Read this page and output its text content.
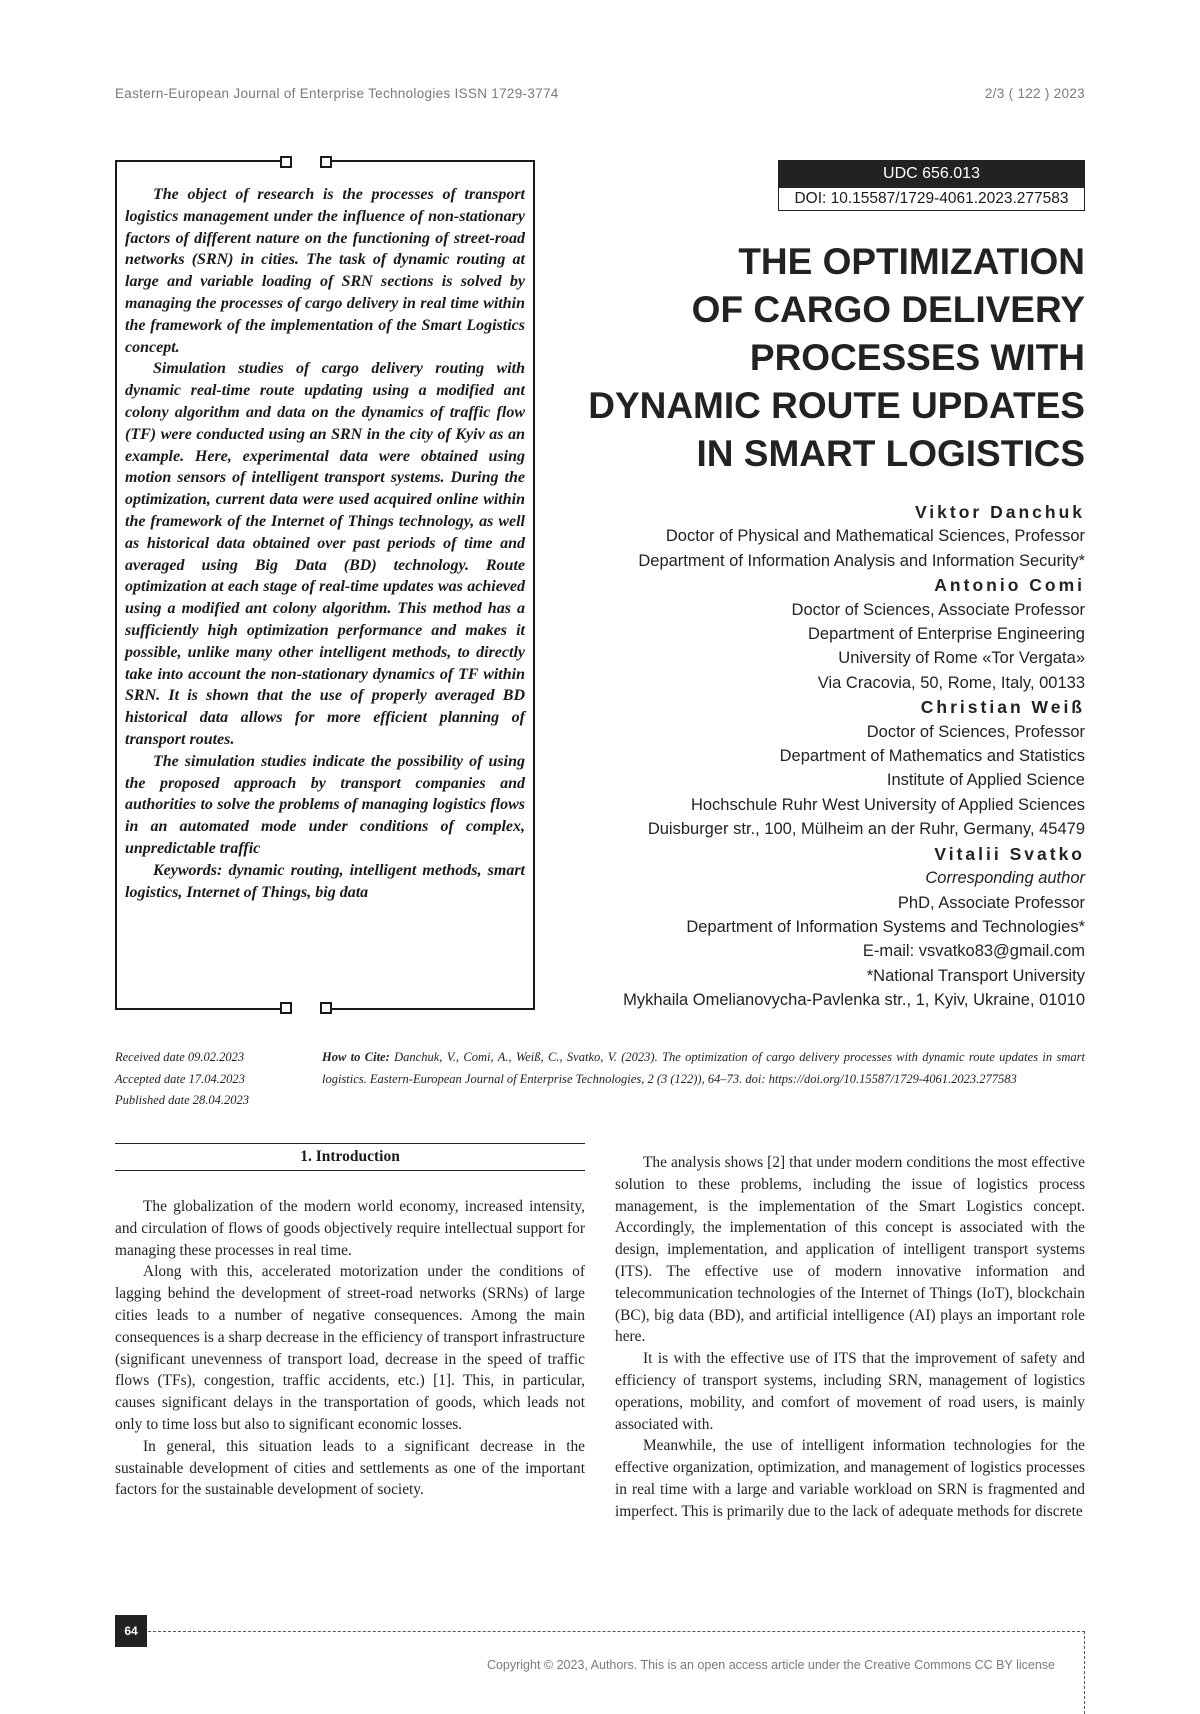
Eastern-European Journal of Enterprise Technologies ISSN 1729-3774	2/3 ( 122 ) 2023

The object of research is the processes of transport logistics management under the influence of non-stationary factors of different nature on the functioning of street-road networks (SRN) in cities. The task of dynamic routing at large and variable loading of SRN sections is solved by managing the processes of cargo delivery in real time within the framework of the implementation of the Smart Logistics concept.

Simulation studies of cargo delivery routing with dynamic real-time route updating using a modified ant colony algorithm and data on the dynamics of traffic flow (TF) were conducted using an SRN in the city of Kyiv as an example. Here, experimental data were obtained using motion sensors of intelligent transport systems. During the optimization, current data were used acquired online within the framework of the Internet of Things technology, as well as historical data obtained over past periods of time and averaged using Big Data (BD) technology. Route optimization at each stage of real-time updates was achieved using a modified ant colony algorithm. This method has a sufficiently high optimization performance and makes it possible, unlike many other intelligent methods, to directly take into account the non-stationary dynamics of TF within SRN. It is shown that the use of properly averaged BD historical data allows for more efficient planning of transport routes.

The simulation studies indicate the possibility of using the proposed approach by transport companies and authorities to solve the problems of managing logistics flows in an automated mode under conditions of complex, unpredictable traffic

Keywords: dynamic routing, intelligent methods, smart logistics, Internet of Things, big data

UDC 656.013
DOI: 10.15587/1729-4061.2023.277583
THE OPTIMIZATION
OF CARGO DELIVERY
PROCESSES WITH
DYNAMIC ROUTE UPDATES
IN SMART LOGISTICS
Viktor Danchuk
Doctor of Physical and Mathematical Sciences, Professor
Department of Information Analysis and Information Security*
Antonio Comi
Doctor of Sciences, Associate Professor
Department of Enterprise Engineering
University of Rome «Tor Vergata»
Via Cracovia, 50, Rome, Italy, 00133
Christian Weiß
Doctor of Sciences, Professor
Department of Mathematics and Statistics
Institute of Applied Science
Hochschule Ruhr West University of Applied Sciences
Duisburger str., 100, Mülheim an der Ruhr, Germany, 45479
Vitalii Svatko
Corresponding author
PhD, Associate Professor
Department of Information Systems and Technologies*
E-mail: vsvatko83@gmail.com
*National Transport University
Mykhaila Omelianovycha-Pavlenka str., 1, Kyiv, Ukraine, 01010
Received date 09.02.2023
Accepted date 17.04.2023
Published date 28.04.2023
How to Cite: Danchuk, V., Comi, A., Weiß, C., Svatko, V. (2023). The optimization of cargo delivery processes with dynamic route updates in smart logistics. Eastern-European Journal of Enterprise Technologies, 2 (3 (122)), 64–73. doi: https://doi.org/10.15587/1729-4061.2023.277583
1. Introduction

The globalization of the modern world economy, increased intensity, and circulation of flows of goods objectively require intellectual support for managing these processes in real time.

Along with this, accelerated motorization under the conditions of lagging behind the development of street-road networks (SRNs) of large cities leads to a number of negative consequences. Among the main consequences is a sharp decrease in the efficiency of transport infrastructure (significant unevenness of transport load, decrease in the speed of traffic flows (TFs), congestion, traffic accidents, etc.) [1]. This, in particular, causes significant delays in the transportation of goods, which leads not only to time loss but also to significant economic losses.

In general, this situation leads to a significant decrease in the sustainable development of cities and settlements as one of the important factors for the sustainable development of society.

The analysis shows [2] that under modern conditions the most effective solution to these problems, including the issue of logistics process management, is the implementation of the Smart Logistics concept. Accordingly, the implementation of this concept is associated with the design, implementation, and application of intelligent transport systems (ITS). The effective use of modern innovative information and telecommunication technologies of the Internet of Things (IoT), blockchain (BC), big data (BD), and artificial intelligence (AI) plays an important role here.

It is with the effective use of ITS that the improvement of safety and efficiency of transport systems, including SRN, management of logistics operations, mobility, and comfort of movement of road users, is mainly associated with.

Meanwhile, the use of intelligent information technologies for the effective organization, optimization, and management of logistics processes in real time with a large and variable workload on SRN is fragmented and imperfect. This is primarily due to the lack of adequate methods for discrete

64
Copyright © 2023, Authors. This is an open access article under the Creative Commons CC BY license
